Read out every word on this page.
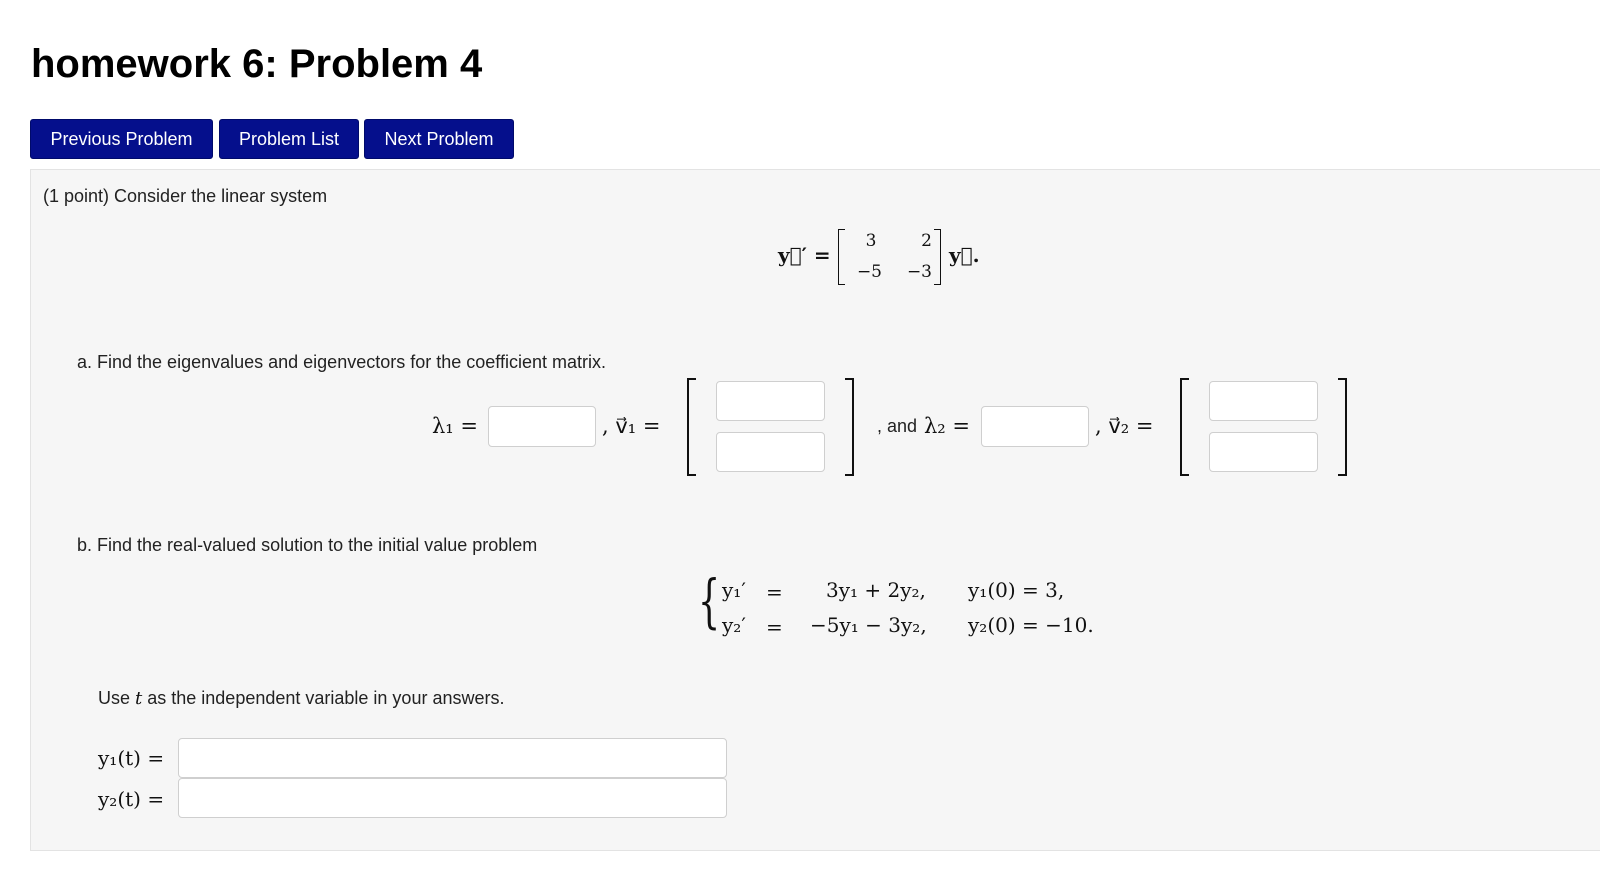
homework 6: Problem 4
Previous Problem	Problem List	Next Problem
(1 point) Consider the linear system
y⃗′ =
3	2
−5	−3
y⃗.
a. Find the eigenvalues and eigenvectors for the coefficient matrix.
λ₁ =	, v⃗₁ =	, and λ₂ =	, v⃗₂ =
b. Find the real-valued solution to the initial value problem
{ y₁′ = 3y₁ + 2y₂, y₁(0) = 3,
y₂′ = −5y₁ − 3y₂, y₂(0) = −10.
Use t as the independent variable in your answers.
y₁(t) =
y₂(t) =
